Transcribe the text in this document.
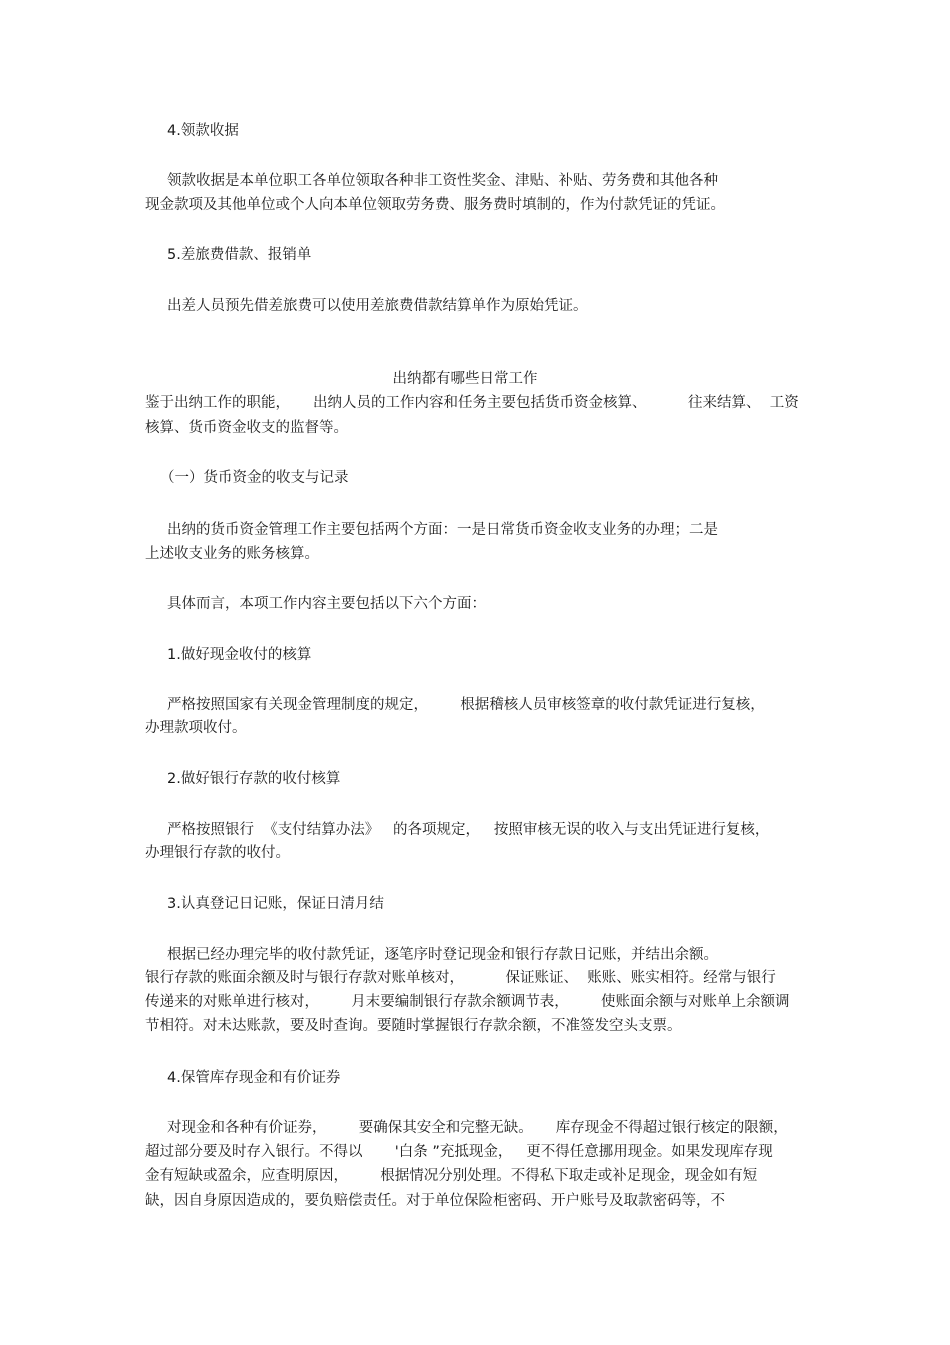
4.领款收据

领款收据是本单位职工各单位领取各种非工资性奖金、津贴、补贴、劳务费和其他各种

现金款项及其他单位或个人向本单位领取劳务费、服务费时填制的，作为付款凭证的凭证。

5.差旅费借款、报销单

出差人员预先借差旅费可以使用差旅费借款结算单作为原始凭证。

出纳都有哪些日常工作

鉴于出纳工作的职能，     出纳人员的工作内容和任务主要包括货币资金核算、         往来结算、  工资

核算、货币资金收支的监督等。

（一）货币资金的收支与记录

出纳的货币资金管理工作主要包括两个方面：一是日常货币资金收支业务的办理；二是

上述收支业务的账务核算。

具体而言，本项工作内容主要包括以下六个方面：

1.做好现金收付的核算

严格按照国家有关现金管理制度的规定，       根据稽核人员审核签章的收付款凭证进行复核，

办理款项收付。

2.做好银行存款的收付核算

严格按照银行  《支付结算办法》   的各项规定，   按照审核无误的收入与支出凭证进行复核，

办理银行存款的收付。

3.认真登记日记账，保证日清月结

根据已经办理完毕的收付款凭证，逐笔序时登记现金和银行存款日记账，并结出余额。

银行存款的账面余额及时与银行存款对账单核对，         保证账证、  账账、账实相符。经常与银行

传递来的对账单进行核对，       月末要编制银行存款余额调节表，       使账面余额与对账单上余额调

节相符。对未达账款，要及时查询。要随时掌握银行存款余额，不准签发空头支票。

4.保管库存现金和有价证券

对现金和各种有价证券，       要确保其安全和完整无缺。     库存现金不得超过银行核定的限额，

超过部分要及时存入银行。不得以       '白条 ”充抵现金，   更不得任意挪用现金。如果发现库存现

金有短缺或盈余，应查明原因，       根据情况分别处理。不得私下取走或补足现金，现金如有短

缺，因自身原因造成的，要负赔偿责任。对于单位保险柜密码、开户账号及取款密码等，不
